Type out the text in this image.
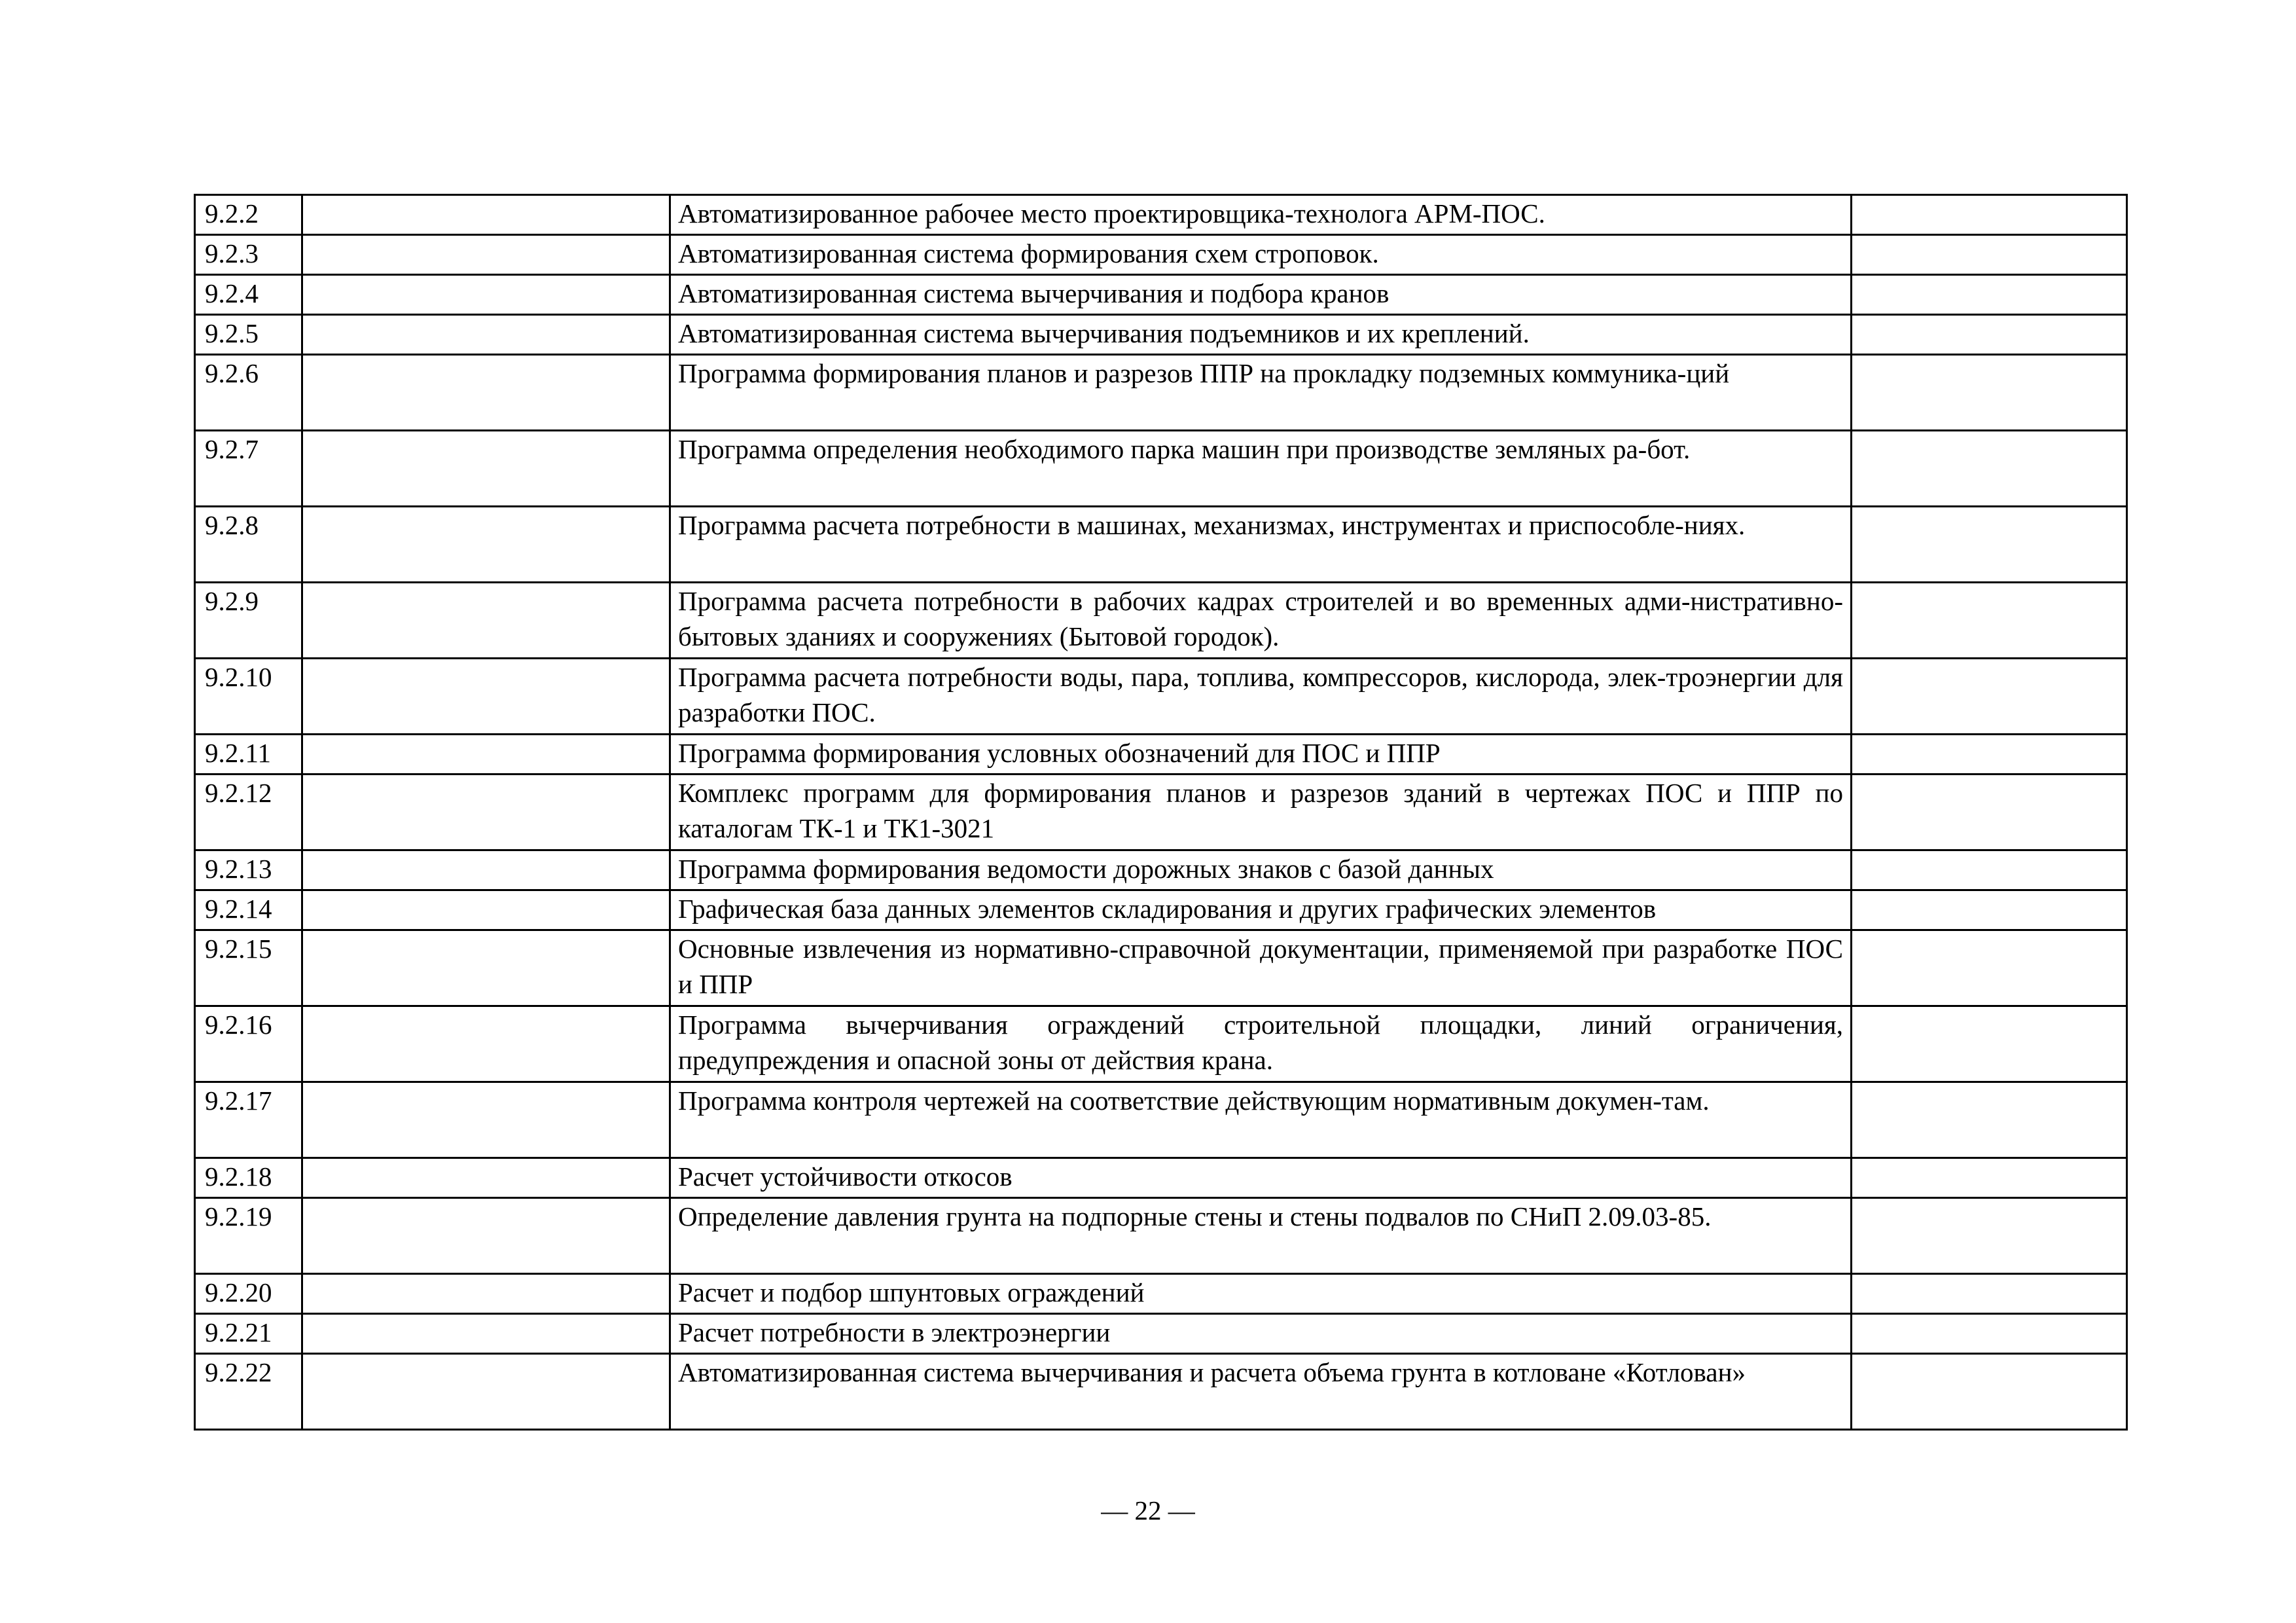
9.2.2		Автоматизированное рабочее место проектировщика-технолога АРМ-ПОС.	
9.2.3		Автоматизированная система формирования схем строповок.	
9.2.4		Автоматизированная система вычерчивания и подбора кранов	
9.2.5		Автоматизированная система вычерчивания подъемников и их креплений.	
9.2.6		Программа формирования планов и разрезов ППР на прокладку подземных коммуника-ций	
9.2.7		Программа определения необходимого парка машин при производстве земляных ра-бот.	
9.2.8		Программа расчета потребности в машинах, механизмах, инструментах и приспособле-ниях.	
9.2.9		Программа расчета потребности в рабочих кадрах строителей и во временных адми-нистративно-бытовых зданиях и сооружениях (Бытовой городок).	
9.2.10		Программа расчета потребности воды, пара, топлива, компрессоров, кислорода, элек-троэнергии для разработки ПОС.	
9.2.11		Программа формирования условных обозначений для ПОС и ППР	
9.2.12		Комплекс программ для формирования планов и разрезов зданий в чертежах ПОС и ППР по каталогам ТК-1 и ТК1-3021	
9.2.13		Программа формирования ведомости дорожных знаков с базой данных	
9.2.14		Графическая база данных элементов складирования и других графических элементов	
9.2.15		Основные извлечения из нормативно-справочной документации, применяемой при разработке ПОС и ППР	
9.2.16		Программа вычерчивания ограждений строительной площадки, линий ограничения, предупреждения и опасной зоны от действия крана.	
9.2.17		Программа контроля чертежей на соответствие действующим нормативным докумен-там.	
9.2.18		Расчет устойчивости откосов	
9.2.19		Определение давления грунта на подпорные стены и стены подвалов по СНиП 2.09.03-85.	
9.2.20		Расчет и подбор шпунтовых ограждений	
9.2.21		Расчет потребности в электроэнергии	
9.2.22		Автоматизированная система вычерчивания и расчета объема грунта в котловане «Котлован»	
— 22 —
